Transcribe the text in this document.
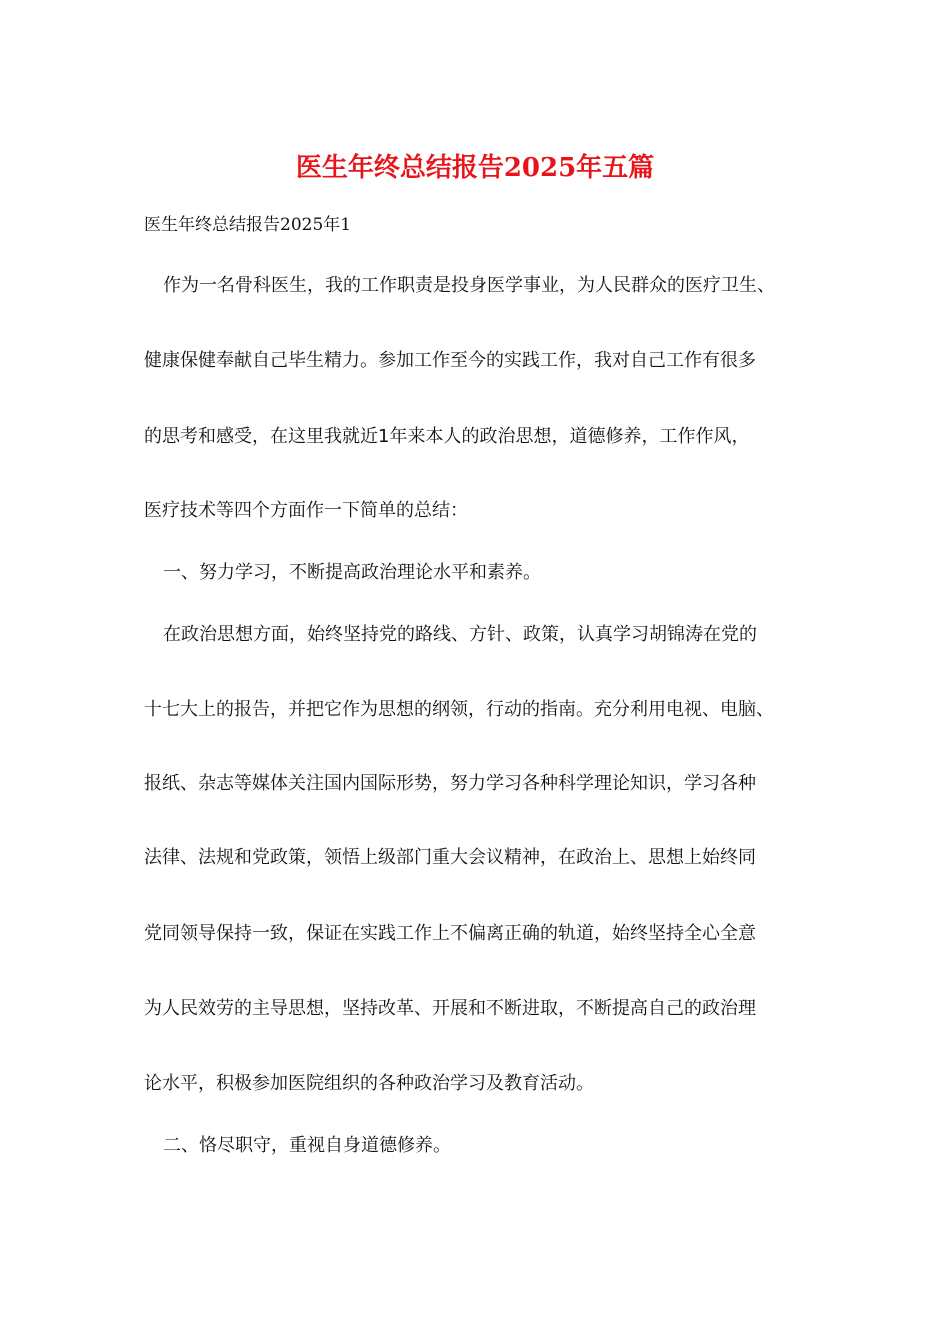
医生年终总结报告2025年五篇
医生年终总结报告2025年1
作为一名骨科医生，我的工作职责是投身医学事业，为人民群众的医疗卫生、
健康保健奉献自己毕生精力。参加工作至今的实践工作，我对自己工作有很多
的思考和感受，在这里我就近1年来本人的政治思想，道德修养，工作作风，
医疗技术等四个方面作一下简单的总结：
一、努力学习，不断提高政治理论水平和素养。
在政治思想方面，始终坚持党的路线、方针、政策，认真学习胡锦涛在党的
十七大上的报告，并把它作为思想的纲领，行动的指南。充分利用电视、电脑、
报纸、杂志等媒体关注国内国际形势，努力学习各种科学理论知识，学习各种
法律、法规和党政策，领悟上级部门重大会议精神，在政治上、思想上始终同
党同领导保持一致，保证在实践工作上不偏离正确的轨道，始终坚持全心全意
为人民效劳的主导思想，坚持改革、开展和不断进取，不断提高自己的政治理
论水平，积极参加医院组织的各种政治学习及教育活动。
二、恪尽职守，重视自身道德修养。
